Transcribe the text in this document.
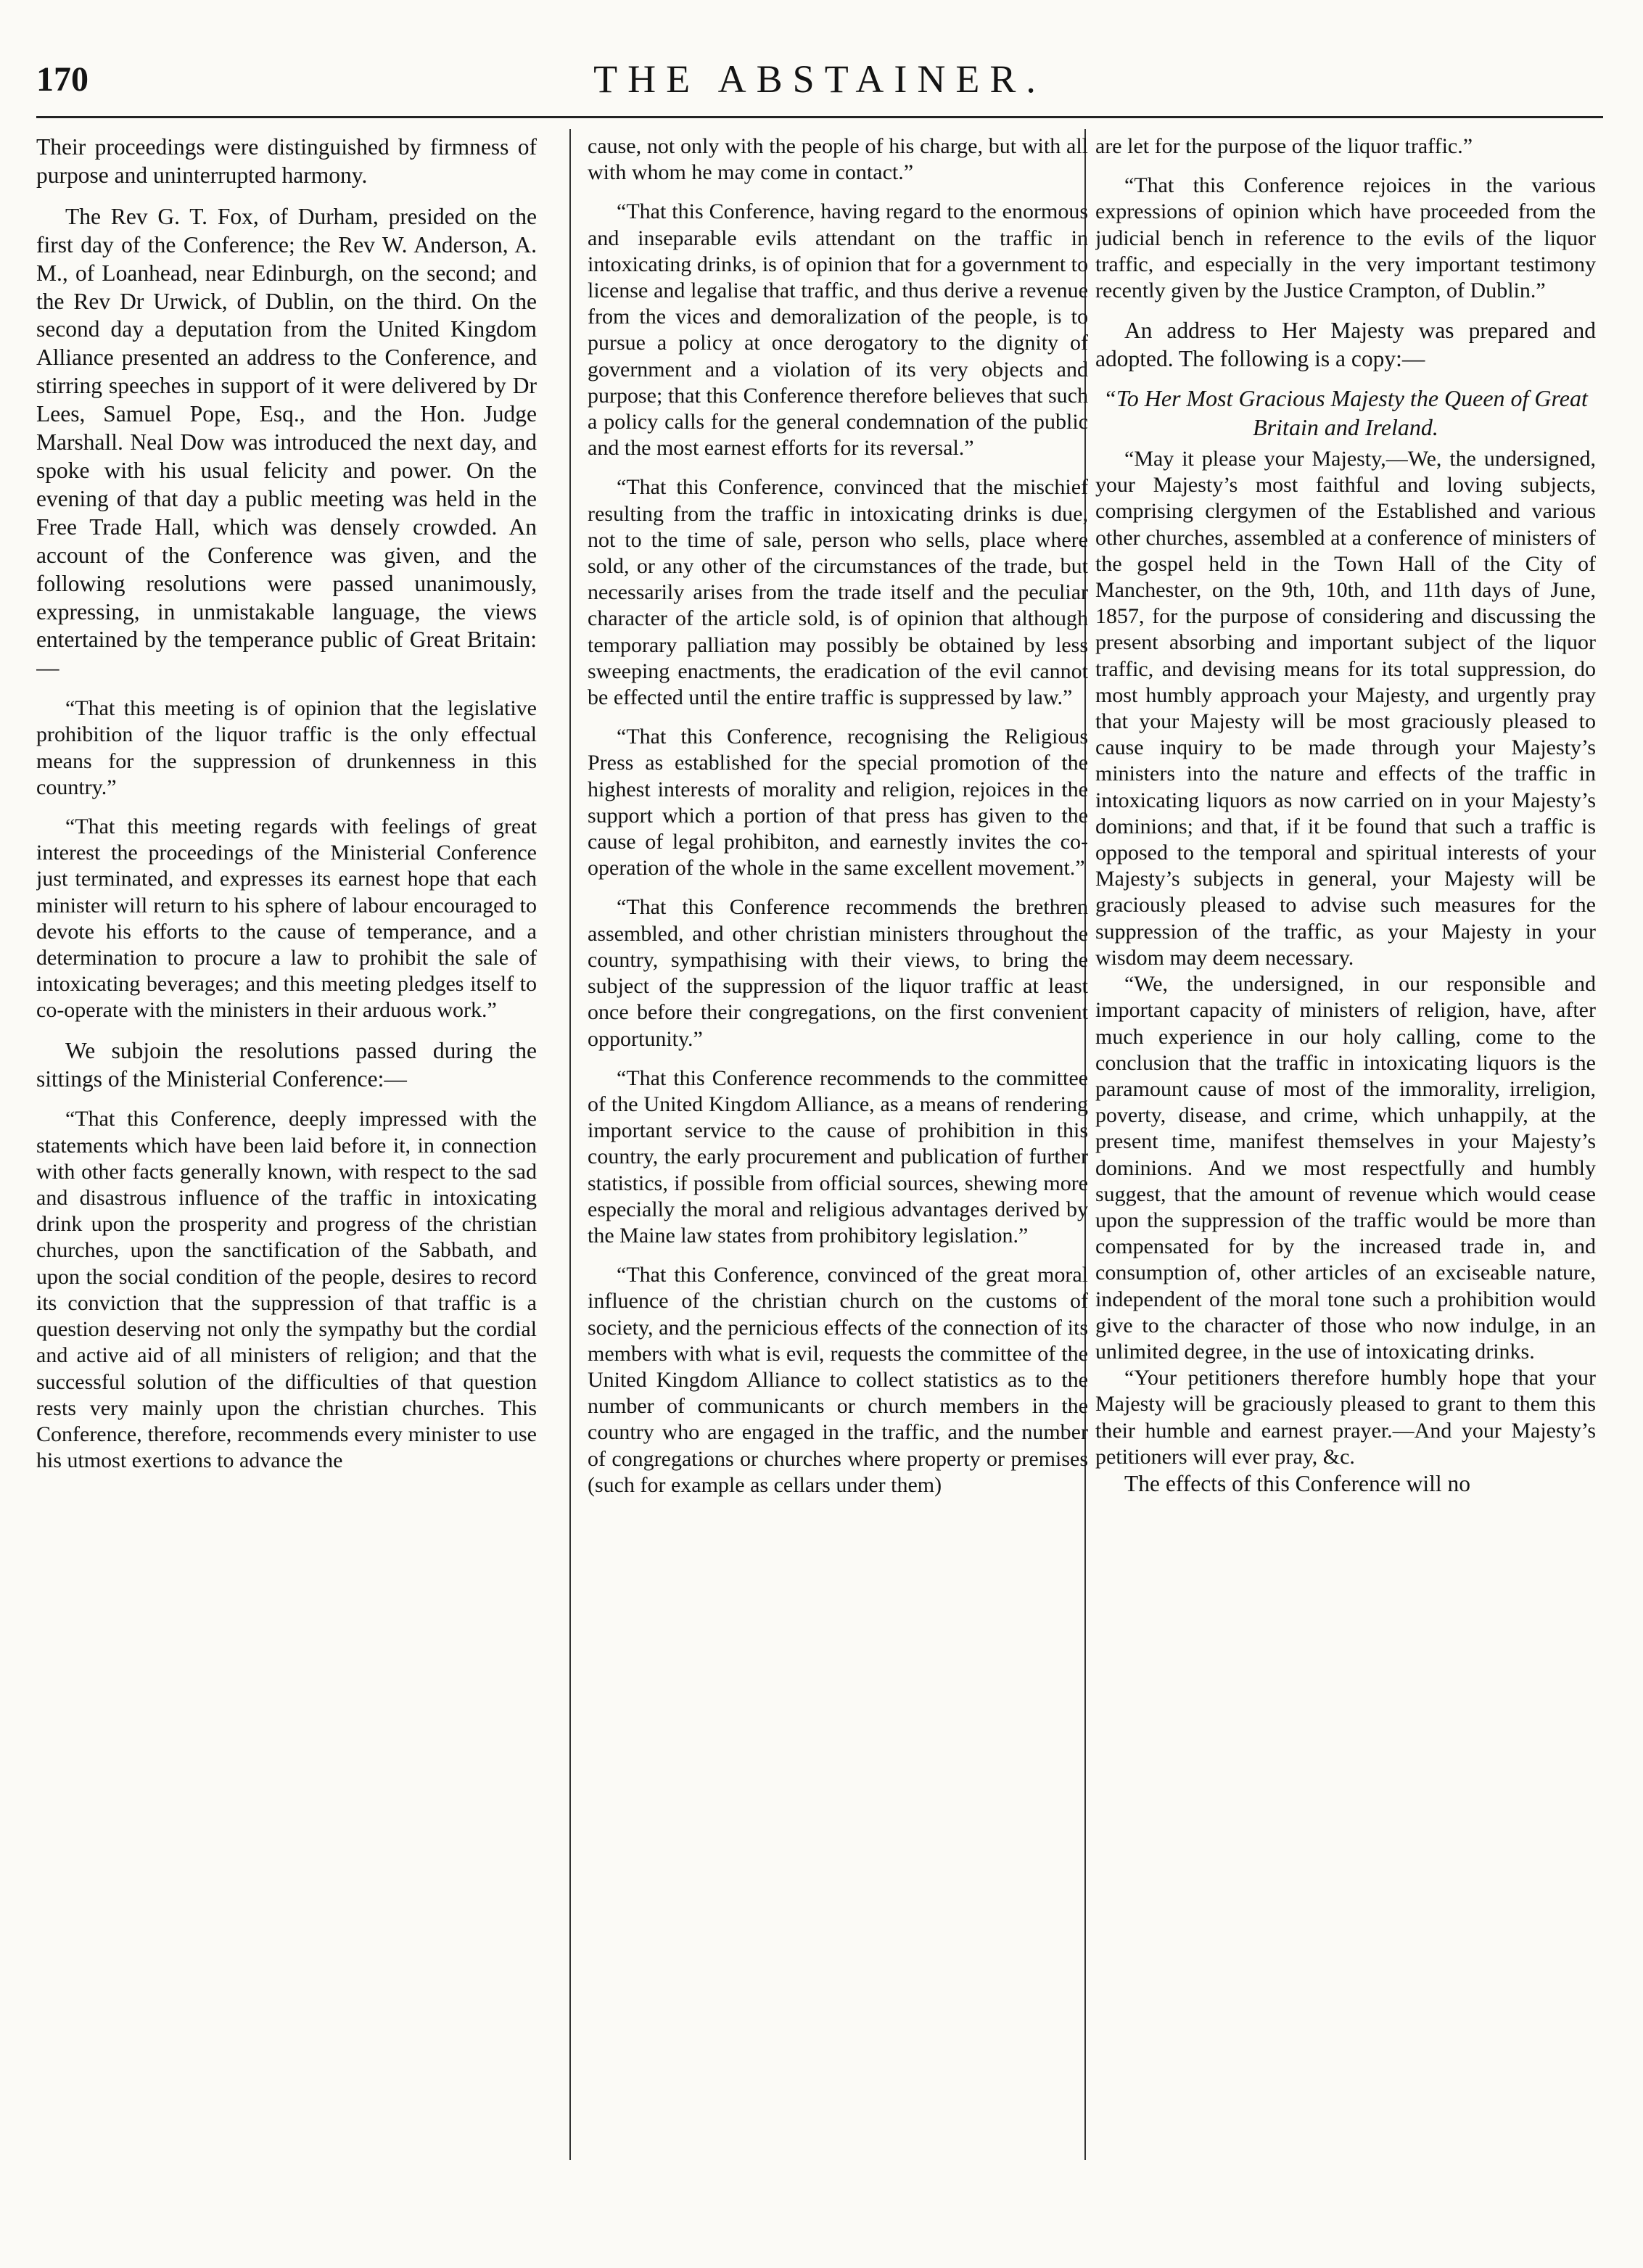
170	THE ABSTAINER.

Their proceedings were distinguished by firmness of purpose and uninterrupted harmony.

The Rev G. T. Fox, of Durham, presided on the first day of the Conference; the Rev W. Anderson, A. M., of Loanhead, near Edinburgh, on the second; and the Rev Dr Urwick, of Dublin, on the third. On the second day a deputation from the United Kingdom Alliance presented an address to the Conference, and stirring speeches in support of it were delivered by Dr Lees, Samuel Pope, Esq., and the Hon. Judge Marshall. Neal Dow was introduced the next day, and spoke with his usual felicity and power. On the evening of that day a public meeting was held in the Free Trade Hall, which was densely crowded. An account of the Conference was given, and the following resolutions were passed unanimously, expressing, in unmistakable language, the views entertained by the temperance public of Great Britain:—

“That this meeting is of opinion that the legislative prohibition of the liquor traffic is the only effectual means for the suppression of drunkenness in this country.”

“That this meeting regards with feelings of great interest the proceedings of the Ministerial Conference just terminated, and expresses its earnest hope that each minister will return to his sphere of labour encouraged to devote his efforts to the cause of temperance, and a determination to procure a law to prohibit the sale of intoxicating beverages; and this meeting pledges itself to co-operate with the ministers in their arduous work.”

We subjoin the resolutions passed during the sittings of the Ministerial Conference:—

“That this Conference, deeply impressed with the statements which have been laid before it, in connection with other facts generally known, with respect to the sad and disastrous influence of the traffic in intoxicating drink upon the prosperity and progress of the christian churches, upon the sanctification of the Sabbath, and upon the social condition of the people, desires to record its conviction that the suppression of that traffic is a question deserving not only the sympathy but the cordial and active aid of all ministers of religion; and that the successful solution of the difficulties of that question rests very mainly upon the christian churches. This Conference, therefore, recommends every minister to use his utmost exertions to advance the

cause, not only with the people of his charge, but with all with whom he may come in contact.”

“That this Conference, having regard to the enormous and inseparable evils attendant on the traffic in intoxicating drinks, is of opinion that for a government to license and legalise that traffic, and thus derive a revenue from the vices and demoralization of the people, is to pursue a policy at once derogatory to the dignity of government and a violation of its very objects and purpose; that this Conference therefore believes that such a policy calls for the general condemnation of the public and the most earnest efforts for its reversal.”

“That this Conference, convinced that the mischief resulting from the traffic in intoxicating drinks is due, not to the time of sale, person who sells, place where sold, or any other of the circumstances of the trade, but necessarily arises from the trade itself and the peculiar character of the article sold, is of opinion that although temporary palliation may possibly be obtained by less sweeping enactments, the eradication of the evil cannot be effected until the entire traffic is suppressed by law.”

“That this Conference, recognising the Religious Press as established for the special promotion of the highest interests of morality and religion, rejoices in the support which a portion of that press has given to the cause of legal prohibiton, and earnestly invites the co-operation of the whole in the same excellent movement.”

“That this Conference recommends the brethren assembled, and other christian ministers throughout the country, sympathising with their views, to bring the subject of the suppression of the liquor traffic at least once before their congregations, on the first convenient opportunity.”

“That this Conference recommends to the committee of the United Kingdom Alliance, as a means of rendering important service to the cause of prohibition in this country, the early procurement and publication of further statistics, if possible from official sources, shewing more especially the moral and religious advantages derived by the Maine law states from prohibitory legislation.”

“That this Conference, convinced of the great moral influence of the christian church on the customs of society, and the pernicious effects of the connection of its members with what is evil, requests the committee of the United Kingdom Alliance to collect statistics as to the number of communicants or church members in the country who are engaged in the traffic, and the number of congregations or churches where property or premises (such for example as cellars under them)

are let for the purpose of the liquor traffic.”

“That this Conference rejoices in the various expressions of opinion which have proceeded from the judicial bench in reference to the evils of the liquor traffic, and especially in the very important testimony recently given by the Justice Crampton, of Dublin.”

An address to Her Majesty was prepared and adopted. The following is a copy:—

“To Her Most Gracious Majesty the Queen of Great Britain and Ireland.

“May it please your Majesty,—We, the undersigned, your Majesty’s most faithful and loving subjects, comprising clergymen of the Established and various other churches, assembled at a conference of ministers of the gospel held in the Town Hall of the City of Manchester, on the 9th, 10th, and 11th days of June, 1857, for the purpose of considering and discussing the present absorbing and important subject of the liquor traffic, and devising means for its total suppression, do most humbly approach your Majesty, and urgently pray that your Majesty will be most graciously pleased to cause inquiry to be made through your Majesty’s ministers into the nature and effects of the traffic in intoxicating liquors as now carried on in your Majesty’s dominions; and that, if it be found that such a traffic is opposed to the temporal and spiritual interests of your Majesty’s subjects in general, your Majesty will be graciously pleased to advise such measures for the suppression of the traffic, as your Majesty in your wisdom may deem necessary.

“We, the undersigned, in our responsible and important capacity of ministers of religion, have, after much experience in our holy calling, come to the conclusion that the traffic in intoxicating liquors is the paramount cause of most of the immorality, irreligion, poverty, disease, and crime, which unhappily, at the present time, manifest themselves in your Majesty’s dominions. And we most respectfully and humbly suggest, that the amount of revenue which would cease upon the suppression of the traffic would be more than compensated for by the increased trade in, and consumption of, other articles of an exciseable nature, independent of the moral tone such a prohibition would give to the character of those who now indulge, in an unlimited degree, in the use of intoxicating drinks.

“Your petitioners therefore humbly hope that your Majesty will be graciously pleased to grant to them this their humble and earnest prayer.—And your Majesty’s petitioners will ever pray, &c.

The effects of this Conference will no
